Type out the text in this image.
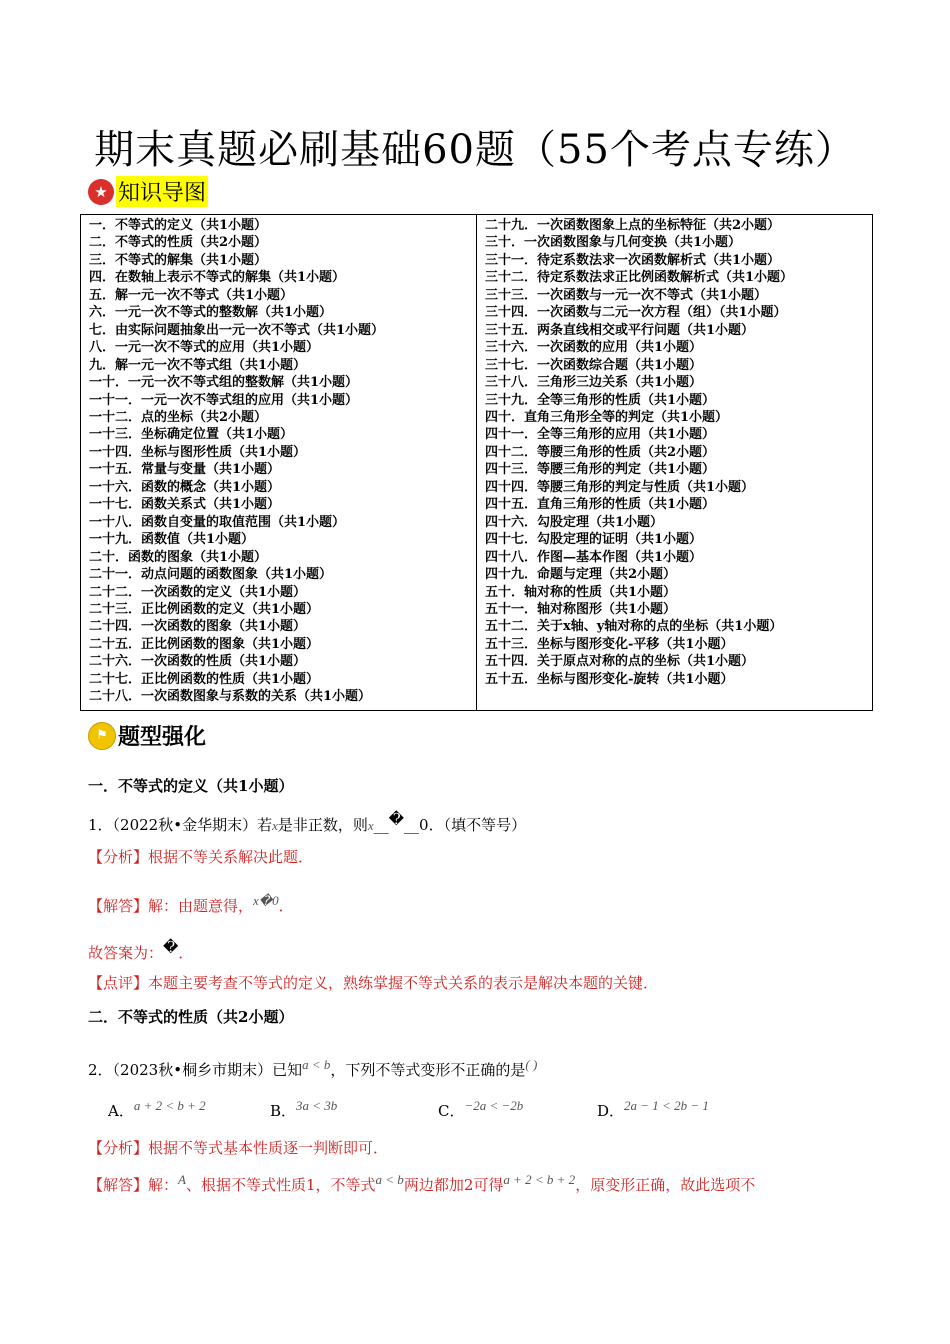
期末真题必刷基础60题（55个考点专练）
★ 知识导图
一．不等式的定义（共1小题）
二．不等式的性质（共2小题）
三．不等式的解集（共1小题）
四．在数轴上表示不等式的解集（共1小题）
五．解一元一次不等式（共1小题）
六．一元一次不等式的整数解（共1小题）
七．由实际问题抽象出一元一次不等式（共1小题）
八．一元一次不等式的应用（共1小题）
九．解一元一次不等式组（共1小题）
一十．一元一次不等式组的整数解（共1小题）
一十一．一元一次不等式组的应用（共1小题）
一十二．点的坐标（共2小题）
一十三．坐标确定位置（共1小题）
一十四．坐标与图形性质（共1小题）
一十五．常量与变量（共1小题）
一十六．函数的概念（共1小题）
一十七．函数关系式（共1小题）
一十八．函数自变量的取值范围（共1小题）
一十九．函数值（共1小题）
二十．函数的图象（共1小题）
二十一．动点问题的函数图象（共1小题）
二十二．一次函数的定义（共1小题）
二十三．正比例函数的定义（共1小题）
二十四．一次函数的图象（共1小题）
二十五．正比例函数的图象（共1小题）
二十六．一次函数的性质（共1小题）
二十七．正比例函数的性质（共1小题）
二十八．一次函数图象与系数的关系（共1小题）

二十九．一次函数图象上点的坐标特征（共2小题）
三十．一次函数图象与几何变换（共1小题）
三十一．待定系数法求一次函数解析式（共1小题）
三十二．待定系数法求正比例函数解析式（共1小题）
三十三．一次函数与一元一次不等式（共1小题）
三十四．一次函数与二元一次方程（组）（共1小题）
三十五．两条直线相交或平行问题（共1小题）
三十六．一次函数的应用（共1小题）
三十七．一次函数综合题（共1小题）
三十八．三角形三边关系（共1小题）
三十九．全等三角形的性质（共1小题）
四十．直角三角形全等的判定（共1小题）
四十一．全等三角形的应用（共1小题）
四十二．等腰三角形的性质（共2小题）
四十三．等腰三角形的判定（共1小题）
四十四．等腰三角形的判定与性质（共1小题）
四十五．直角三角形的性质（共1小题）
四十六．勾股定理（共1小题）
四十七．勾股定理的证明（共1小题）
四十八．作图—基本作图（共1小题）
四十九．命题与定理（共2小题）
五十．轴对称的性质（共1小题）
五十一．轴对称图形（共1小题）
五十二．关于x轴、y轴对称的点的坐标（共1小题）
五十三．坐标与图形变化-平移（共1小题）
五十四．关于原点对称的点的坐标（共1小题）
五十五．坐标与图形变化-旋转（共1小题）
⚑ 题型强化
一．不等式的定义（共1小题）
1．（2022秋•金华期末）若x是非正数，则x__�__0．（填不等号）
【分析】根据不等关系解决此题．
【解答】解：由题意得，x�0．
故答案为：�．
【点评】本题主要考查不等式的定义，熟练掌握不等式关系的表示是解决本题的关键．
二．不等式的性质（共2小题）
2．（2023秋•桐乡市期末）已知a < b，下列不等式变形不正确的是( )
A．a + 2 < b + 2	B．3a < 3b	C．−2a < −2b	D．2a − 1 < 2b − 1
【分析】根据不等式基本性质逐一判断即可．
【解答】解：A、根据不等式性质1，不等式a < b两边都加2可得a + 2 < b + 2，原变形正确，故此选项不
